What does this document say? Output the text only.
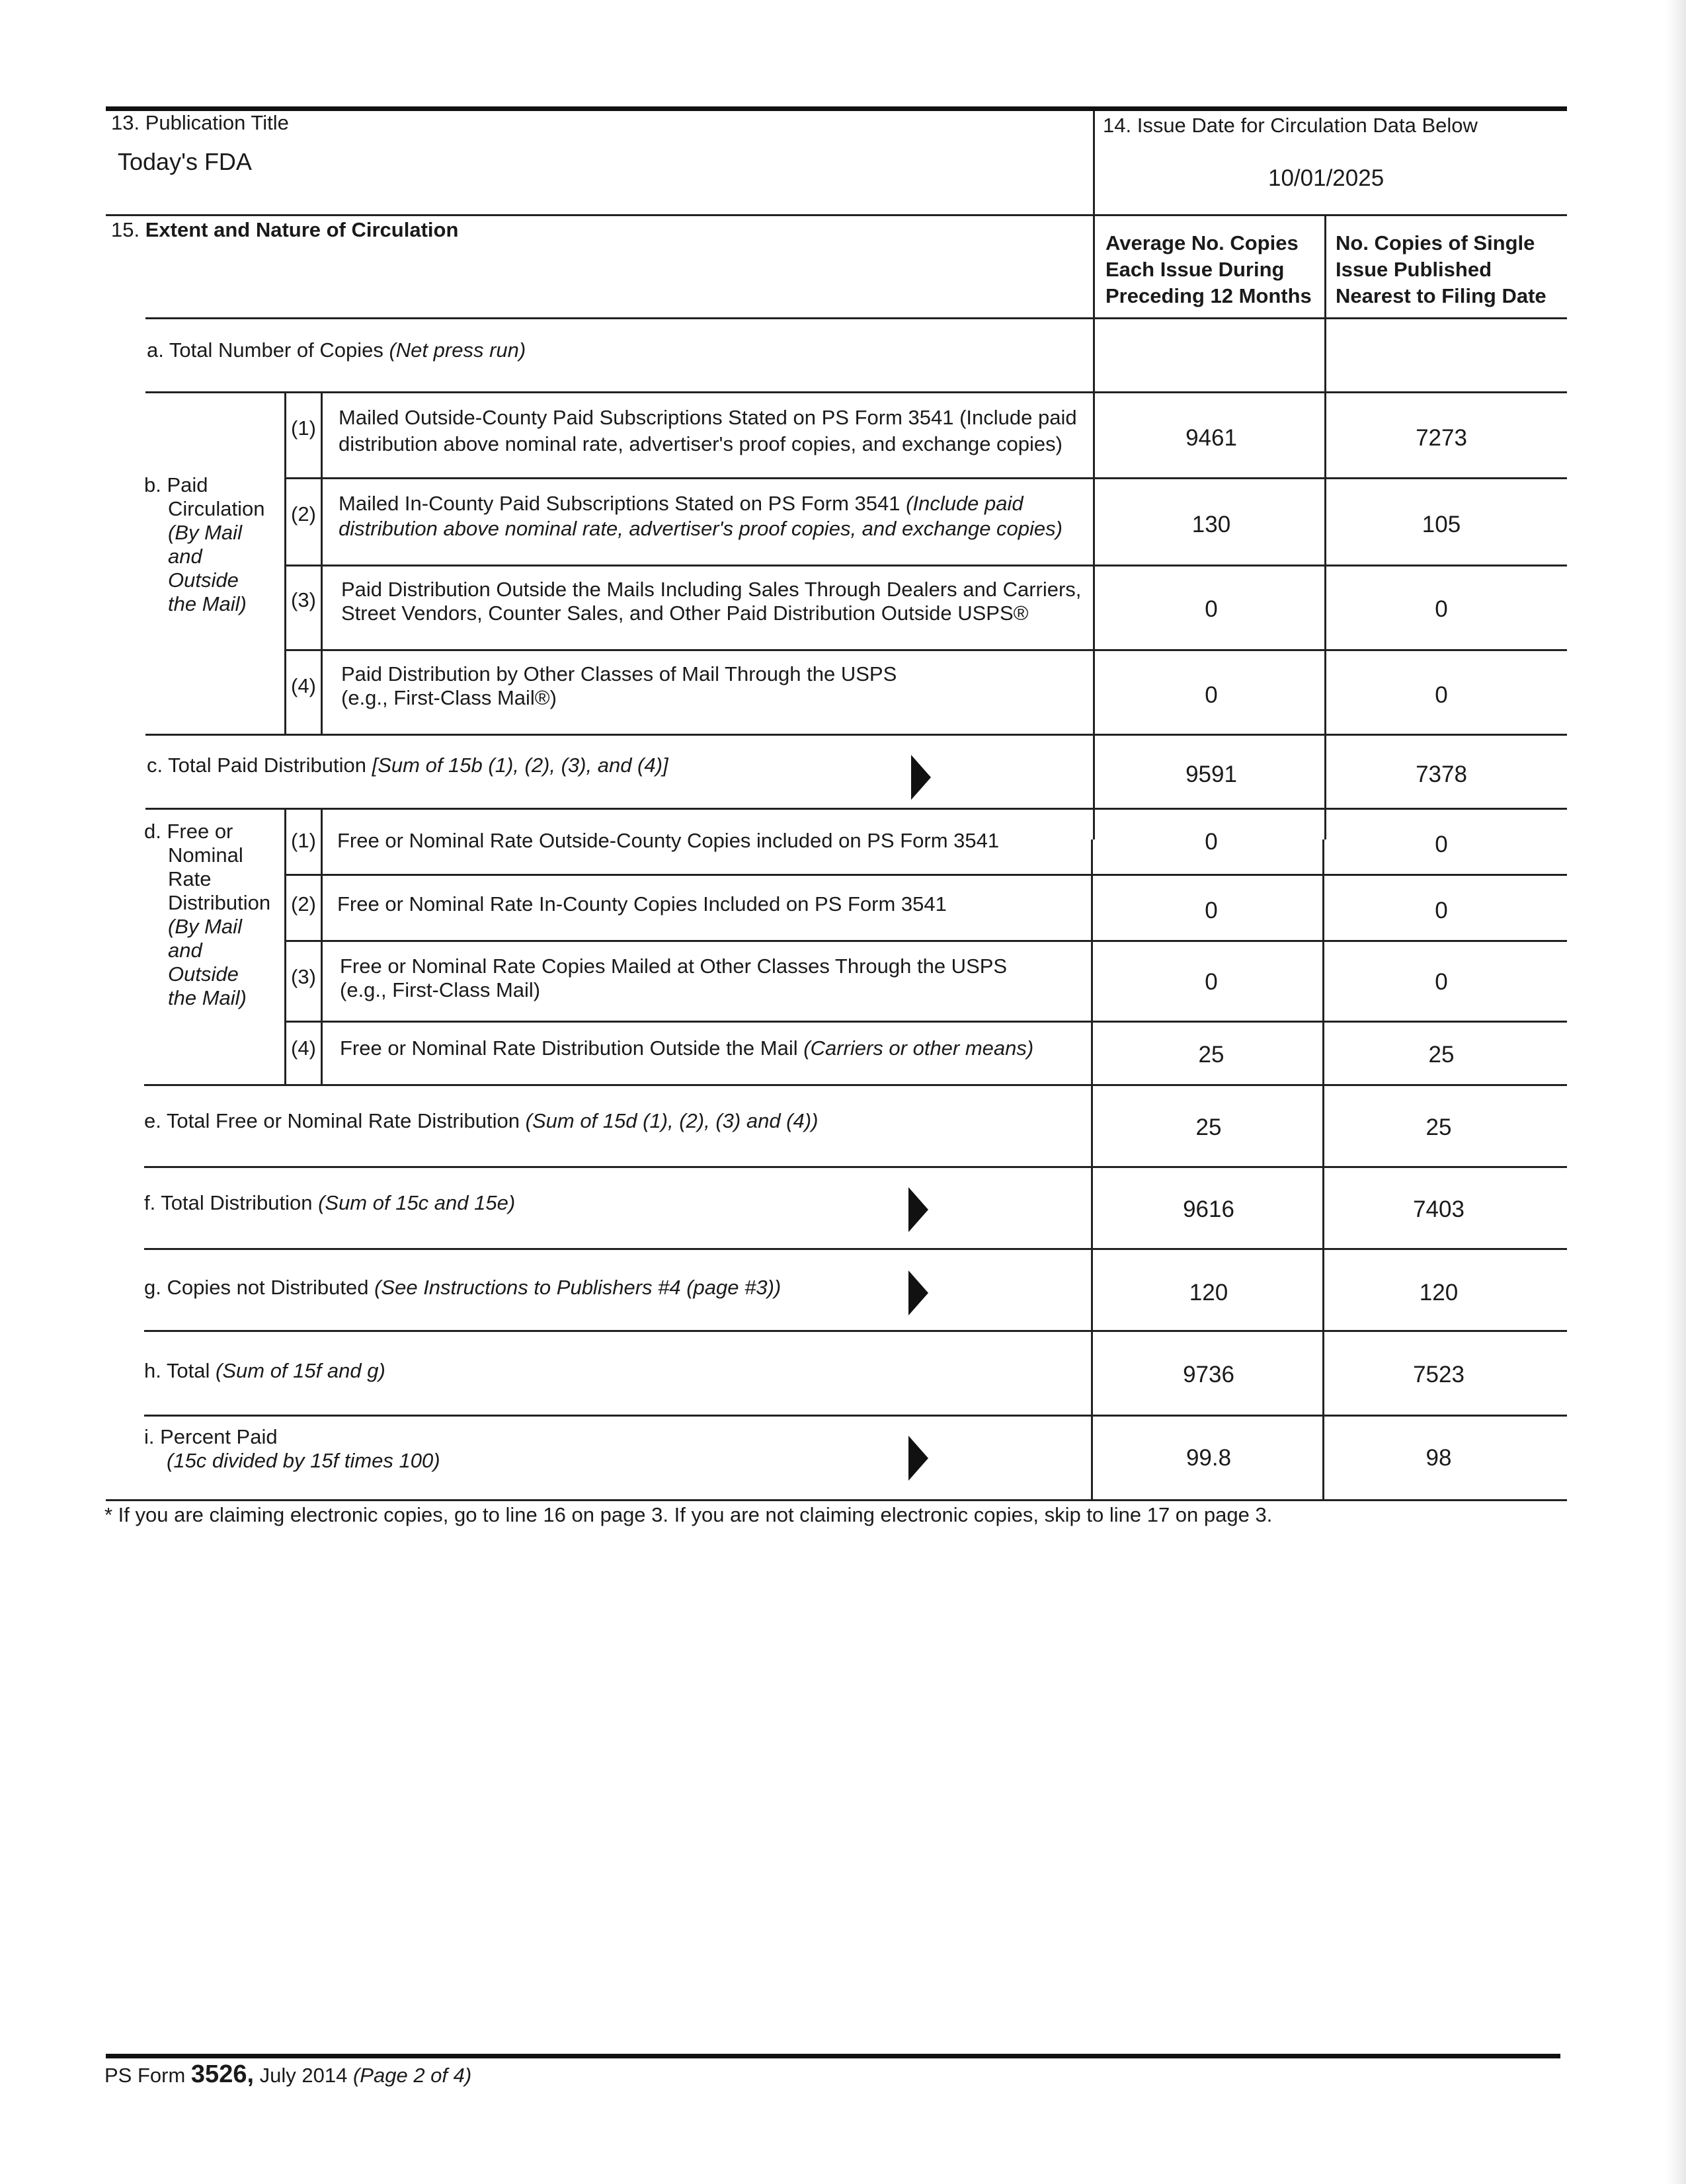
13. Publication Title
Today's FDA
14. Issue Date for Circulation Data Below
10/01/2025
15. Extent and Nature of Circulation
Average No. Copies
Each Issue During
Preceding 12 Months
No. Copies of Single
Issue Published
Nearest to Filing Date
a. Total Number of Copies (Net press run)
b. Paid
Circulation
(By Mail
and
Outside
the Mail)
(1) Mailed Outside-County Paid Subscriptions Stated on PS Form 3541 (Include paid
distribution above nominal rate, advertiser's proof copies, and exchange copies)	9461	7273
(2) Mailed In-County Paid Subscriptions Stated on PS Form 3541 (Include paid
distribution above nominal rate, advertiser's proof copies, and exchange copies)	130	105
(3) Paid Distribution Outside the Mails Including Sales Through Dealers and Carriers,
Street Vendors, Counter Sales, and Other Paid Distribution Outside USPS®	0	0
(4)
Paid Distribution by Other Classes of Mail Through the USPS
(e.g., First-Class Mail®)	0	0
c. Total Paid Distribution [Sum of 15b (1), (2), (3), and (4)]	9591	7378
d. Free or
Nominal
Rate
Distribution
(By Mail
and
Outside
the Mail)
(1) Free or Nominal Rate Outside-County Copies included on PS Form 3541	0	0
(2) Free or Nominal Rate In-County Copies Included on PS Form 3541	0	0
(3) Free or Nominal Rate Copies Mailed at Other Classes Through the USPS
(e.g., First-Class Mail)	0	0
(4) Free or Nominal Rate Distribution Outside the Mail (Carriers or other means)	25	25
e. Total Free or Nominal Rate Distribution (Sum of 15d (1), (2), (3) and (4))	25	25
f. Total Distribution (Sum of 15c and 15e)	9616	7403
g. Copies not Distributed (See Instructions to Publishers #4 (page #3))	120	120
h. Total (Sum of 15f and g)	9736	7523
i. Percent Paid
(15c divided by 15f times 100)	99.8	98
* If you are claiming electronic copies, go to line 16 on page 3. If you are not claiming electronic copies, skip to line 17 on page 3.
PS Form 3526, July 2014 (Page 2 of 4)
